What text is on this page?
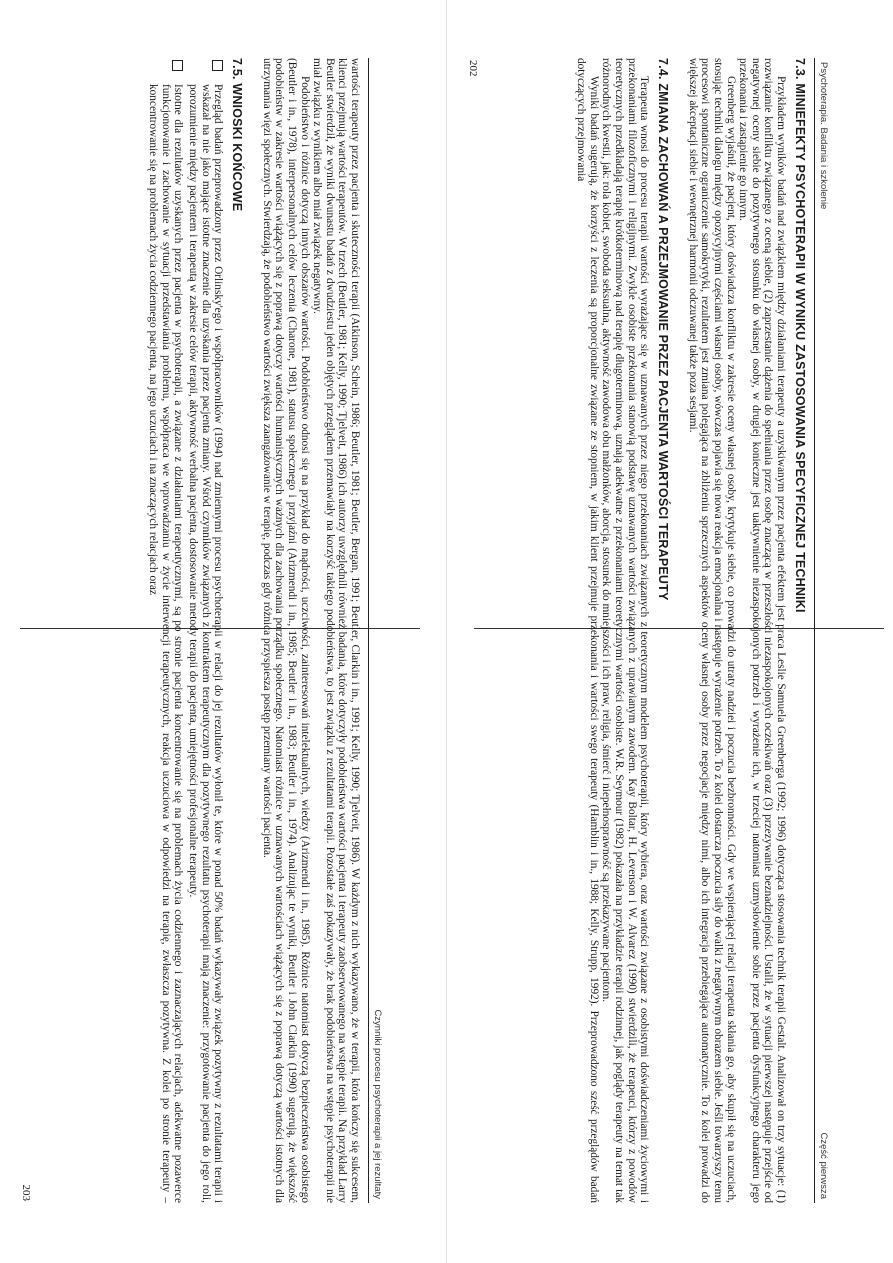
Psychoterapia. Badania i szkolenie
Część pierwsza
7.3. MINIEFEKTY PSYCHOTERAPII W WYNIKU ZASTOSOWANIA SPECYFICZNEJ TECHNIKI

Przykładem wyników badań nad związkiem między działaniami terapeuty a uzyskiwanym przez pacjenta efektem jest praca Leslie Samuela Greenberga (1992; 1996) dotycząca stosowania technik terapii Gestalt. Analizował on trzy sytuacje: (1) rozwiązanie konfliktu związanego z oceną siebie, (2) zaprzestanie dążenia do spełniania przez osobę znaczącą w przeszłości niezaspokojonych oczekiwań oraz (3) przezywanie beznadziejności. Ustalił, że w sytuacji pierwszej następuje przejście od negatywnej oceny siebie do pozytywnego stosunku do własnej osoby, w drugiej konieczne jest uaktywnienie niezaspokojonych potrzeb i wyrażenie ich, w trzeciej natomiast uzmysłowienie sobie przez pacjenta dysfunkcyjnego charakteru jego przekonania i zastąpienie go innym.

Greenberg wyjaśnił, że pacjent, który doświadcza konfliktu w zakresie oceny własnej osoby, krytykuje siebie, co prowadzi do utraty nadziei i poczucia bezbronności. Gdy we wspierającej relacji terapeuta skłania go, aby skupił się na uczuciach, stosując techniki dialogu między opozycyjnymi częściami własnej osoby, wówczas pojawia się nowa reakcja emocjonalna i następuje wyrażenie potrzeb. To z kolei dostarcza poczucia siły do walki z negatywnym obrazem siebie. Jeśli towarzyszy temu procesowi spontaniczne ograniczenie samokrytyki, rezultatem jest zmiana polegająca na zbliżeniu sprzecznych aspektów oceny własnej osoby przez negocjacje między nimi, albo ich integracja przebiegająca automatycznie. To z kolei prowadzi do większej akceptacji siebie i wewnętrznej harmonii odczuwanej także poza sesjami.

7.4. ZMIANA ZACHOWAŃ A PRZEJMOWANIE PRZEZ PACJENTA WARTOŚCI TERAPEUTY

Terapeuta wnosi do procesu terapii wartości wyrażające się w uznawanych przez niego przekonaniach związanych z teoretycznym modelem psychoterapii, który wybiera, oraz wartości związane z osobistymi doświadczeniami życiowymi i przekonaniami filozoficznymi i religijnymi. Zwykle osobiste przekonania stanowią podstawę uznawanych wartości związanych z uprawianym zawodem. Kay Boltar, H. Levenson i W. Alvarez (1990) stwierdzili, że terapeuci, którzy z powodów teoretycznych przedkładają terapię krótkoterminową nad terapię długoterminową, uznają adekwatne z przekonaniami teoretycznymi wartości osobiste. W.R. Seymour (1982) pokazała na przykładzie terapii rodzinnej, jak poglądy terapeuty na temat tak różnorodnych kwestii, jak: rola kobiet, swoboda seksualna, aktywność zawodowa obu małżonków, aborcja, stosunek do mniejszości i ich praw, religia, śmierć i niepełnosprawność są przekazywane pacjentom.

Wyniki badań sugerują, że korzyści z leczenia są proporcjonalne związane ze stopniem, w jakim klient przejmuje przekonania i wartości swego terapeuty (Hamblin i in., 1988; Kelly, Strupp, 1992). Przeprowadzono sześć przeglądów badań dotyczących przejmowania

202
Czynniki procesu psychoterapii a jej rezultaty

wartości terapeuty przez pacjenta i skuteczności terapii (Atkinson, Schein, 1986; Beutler, 1981; Beutler, Bergan, 1991; Beutler, Clarkin i in., 1991; Kelly, 1990; Tjelveit, 1986). W każdym z nich wykazywano, że w terapii, która kończy się sukcesem, klienci przejmują wartości terapeutów. W trzech (Beutler, 1981; Kelly, 1990; Tjelveit, 1986) ich autorzy uwzględnili również badania, które dotyczyły podobieństwa wartości pacjenta i terapeuty zaobserwowanego na wstępie terapii. Na przykład Larry Beutler stwierdził, że wyniki dwunastu badań z dwudziestu jeden objętych przeglądem przemawiały na korzyść takiego podobieństwa, to jest związku z rezultatami terapii. Pozostałe zaś pokazywały, że brak podobieństwa na wstępie psychoterapii nie miał związku z wynikiem albo miał związek negatywny.

Podobieństwo i różnice dotyczą innych obszarów wartości. Podobieństwo odnosi się na przykład do mądrości, uczciwości, zainteresowań intelektualnych, wiedzy (Arizmendi i in., 1985). Różnice natomiast dotyczą bezpieczeństwa osobistego (Beutler i in., 1978), interpersonalnych celów leczenia (Charone, 1981), statusu społecznego i przyjaźni (Arizmendi i in., 1985; Beutler i in., 1983; Beutler i in., 1974). Analizując te wyniki, Beutler i John Clarkin (1990) sugerują, że większość podobieństw w zakresie wartości wiążących się z poprawą dotyczy wartości humanistycznych ważnych dla zachowania porządku społecznego. Natomiast różnice w uznawanych wartościach wiążących się z poprawą dotyczą wartości istotnych dla utrzymania więzi społecznych. Stwierdzają, że podobieństwo wartości zwiększa zaangażowanie w terapię, podczas gdy różnica przyspiesza postęp przemiany wartości pacjenta.

7.5. WNIOSKI KOŃCOWE

Przegląd badań przeprowadzony przez Orlinsky'ego i współpracowników (1994) nad zmiennymi procesu psychoterapii w relacji do jej rezultatów wyłonił te, które w ponad 50% badań wykazywały związek pozytywny z rezultatami terapii i wskazał na nie jako mające istotne znaczenie dla uzyskania przez pacjenta zmiany. Wśród czynników związanych z kontraktem terapeutycznym dla pozytywnego rezultatu psychoterapii mają znaczenie: przygotowanie pacjenta do jego roli, porozumienie między pacjentem i terapeutą w zakresie celów terapii, aktywność werbalna pacjenta, dostosowanie metody terapii do pacjenta, umiejętności profesjonalne terapeuty.

Istotne dla rezultatów uzyskanych przez pacjenta w psychoterapii, a związane z działaniami terapeutycznymi, są po stronie pacjenta koncentrowanie się na problemach życia codziennego i zaznaczających relacjach, adekwatne pozawerce funkcjonowanie i zachowanie w sytuacji przedstawiania problemu, współpraca we wprowadzaniu w życie interwencji terapeutycznych, reakcja uczuciowa w odpowiedzi na terapię, zwłaszcza pozytywna. Z kolei po stronie terapeuty – koncentrowanie się na problemach życia codziennego pacjenta, na jego uczuciach i na znaczących relacjach oraz

203
